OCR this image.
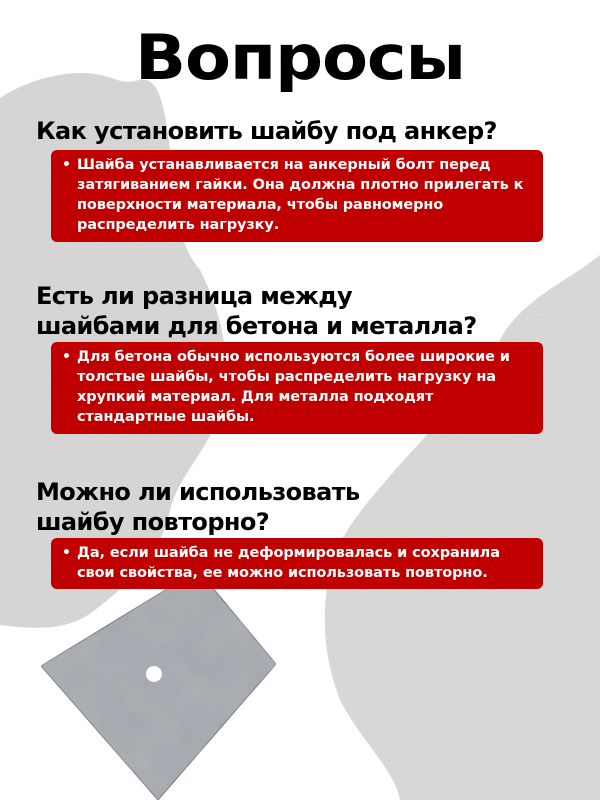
Вопросы
Как установить шайбу под анкер?
• Шайба устанавливается на анкерный болт перед затягиванием гайки. Она должна плотно прилегать к поверхности материала, чтобы равномерно распределить нагрузку.
Есть ли разница между
шайбами для бетона и металла?
• Для бетона обычно используются более широкие и толстые шайбы, чтобы распределить нагрузку на хрупкий материал. Для металла подходят стандартные шайбы.
Можно ли использовать
шайбу повторно?
• Да, если шайба не деформировалась и сохранила свои свойства, ее можно использовать повторно.
